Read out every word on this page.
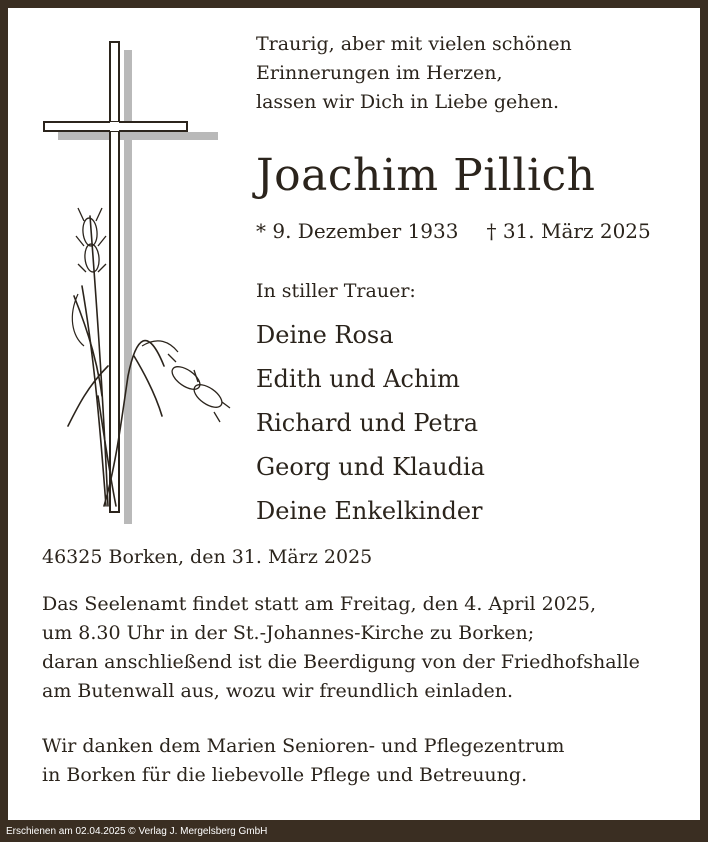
Traurig, aber mit vielen schönen
Erinnerungen im Herzen,
lassen wir Dich in Liebe gehen.
Joachim Pillich
* 9. Dezember 1933 † 31. März 2025
In stiller Trauer:
Deine Rosa
Edith und Achim
Richard und Petra
Georg und Klaudia
Deine Enkelkinder
46325 Borken, den 31. März 2025
Das Seelenamt findet statt am Freitag, den 4. April 2025,
um 8.30 Uhr in der St.-Johannes-Kirche zu Borken;
daran anschließend ist die Beerdigung von der Friedhofshalle
am Butenwall aus, wozu wir freundlich einladen.
Wir danken dem Marien Senioren- und Pflegezentrum
in Borken für die liebevolle Pflege und Betreuung.
Erschienen am 02.04.2025 © Verlag J. Mergelsberg GmbH
